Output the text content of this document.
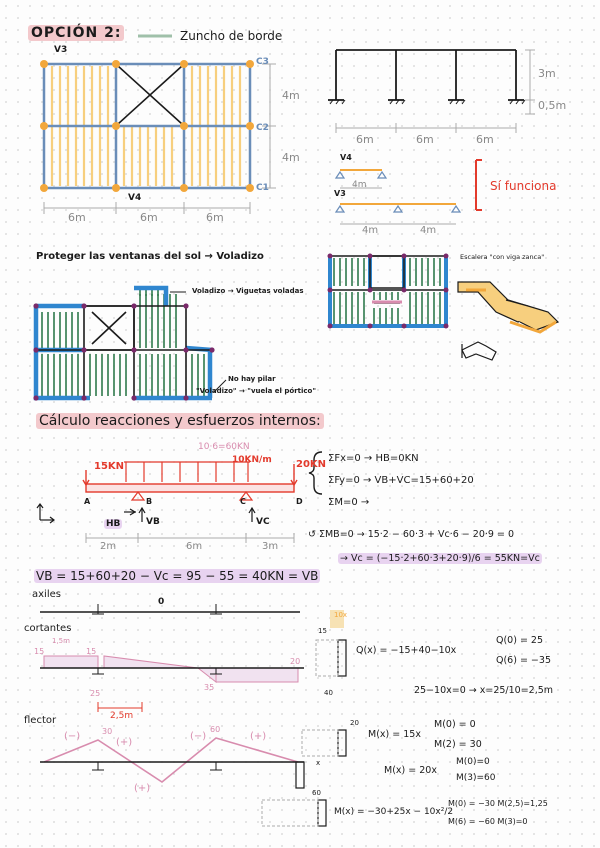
OPCIÓN 2:	Zuncho de borde
V3
C3
C2
C1
V4
4m
4m
6m	6m	6m
3m
0,5m
6m	6m	6m
V4
4m
V3
4m	4m
Sí funciona
Proteger las ventanas del sol → Voladizo
Voladizo → Viguetas voladas
No hay pilar
"Voladizo" → "vuela el pórtico"
Escalera "con viga zanca"
Cálculo reacciones y esfuerzos internos:
10·6=60KN
10KN/m
15KN	20KN
A	B	C	D
HB	VB	VC
2m	6m	3m
ΣFx=0 → HB=0KN
ΣFy=0 → VB+VC=15+60+20
ΣM=0 →
↺ ΣMB=0 → 15·2 − 60·3 + Vc·6 − 20·9 = 0
→ Vc = (−15·2+60·3+20·9)/6 = 55KN=Vc
VB = 15+60+20 − Vc = 95 − 55 = 40KN = VB
axiles
0
cortantes
15	15
25
35
20
1,5m
2,5m
Q(x) = −15+40−10x
Q(0) = 25
Q(6) = −35
25−10x=0 → x=25/10=2,5m
flector
(−)
(+)
(−)	(+)
(+)
30	60
10x
15
40
20
60
x
M(x) = 15x
M(0) = 0
M(2) = 30
M(x) = 20x
M(0)=0
M(3)=60
M(x) = −30+25x − 10x²/2
M(0) = −30 M(2,5)=1,25
M(6) = −60 M(3)=0
